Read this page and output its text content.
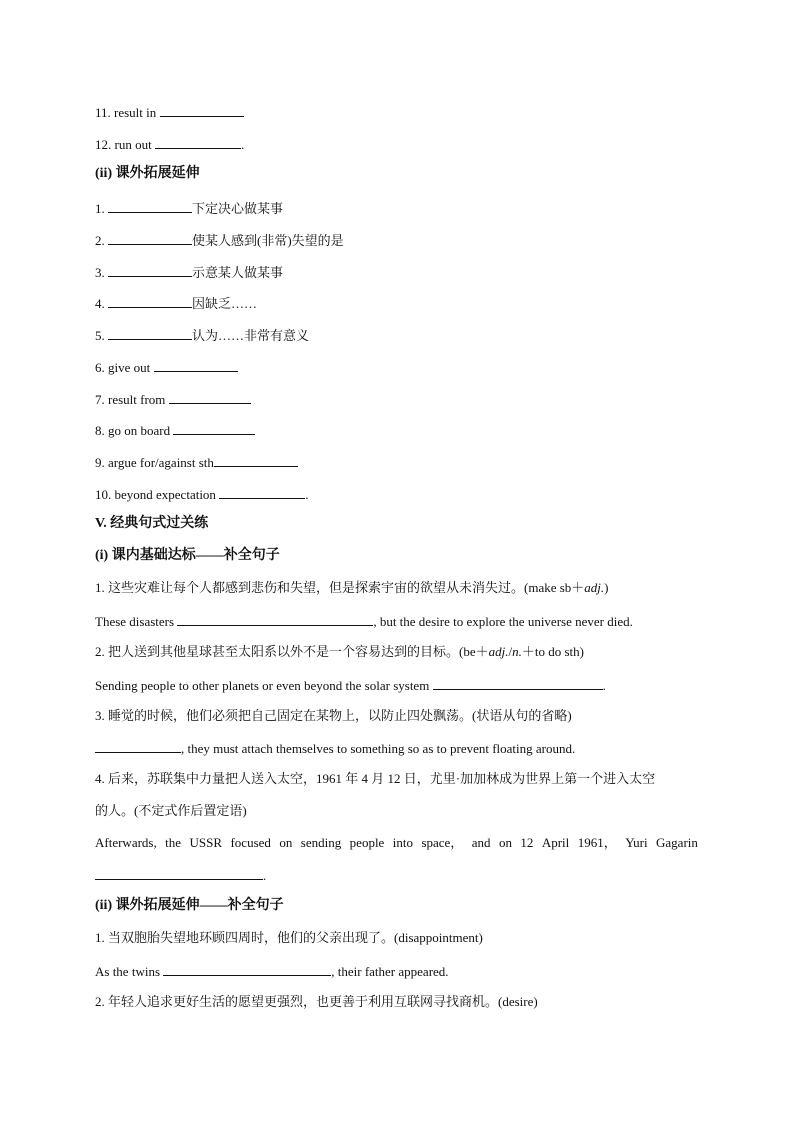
11. result in
12. run out	.
(ii) 课外拓展延伸
1.	下定决心做某事
2.	使某人感到(非常)失望的是
3.	示意某人做某事
4.	因缺乏……
5.	认为……非常有意义
6. give out
7. result from
8. go on board
9. argue for/against sth
10. beyond expectation	.
V. 经典句式过关练
(i) 课内基础达标——补全句子
1. 这些灾难让每个人都感到悲伤和失望，但是探索宇宙的欲望从未消失过。(make sb＋adj.)
These disasters	, but the desire to explore the universe never died.
2. 把人送到其他星球甚至太阳系以外不是一个容易达到的目标。(be＋adj./n.＋to do sth)
Sending people to other planets or even beyond the solar system	.
3. 睡觉的时候，他们必须把自己固定在某物上，以防止四处飘荡。(状语从句的省略)
, they must attach themselves to something so as to prevent floating around.
4. 后来，苏联集中力量把人送入太空，1961 年 4 月 12 日，尤里·加加林成为世界上第一个进入太空
的人。(不定式作后置定语)
Afterwards, the USSR focused on sending people into space， and on 12 April 1961， Yuri Gagarin
.
(ii) 课外拓展延伸——补全句子
1. 当双胞胎失望地环顾四周时，他们的父亲出现了。(disappointment)
As the twins	, their father appeared.
2. 年轻人追求更好生活的愿望更强烈，也更善于利用互联网寻找商机。(desire)
